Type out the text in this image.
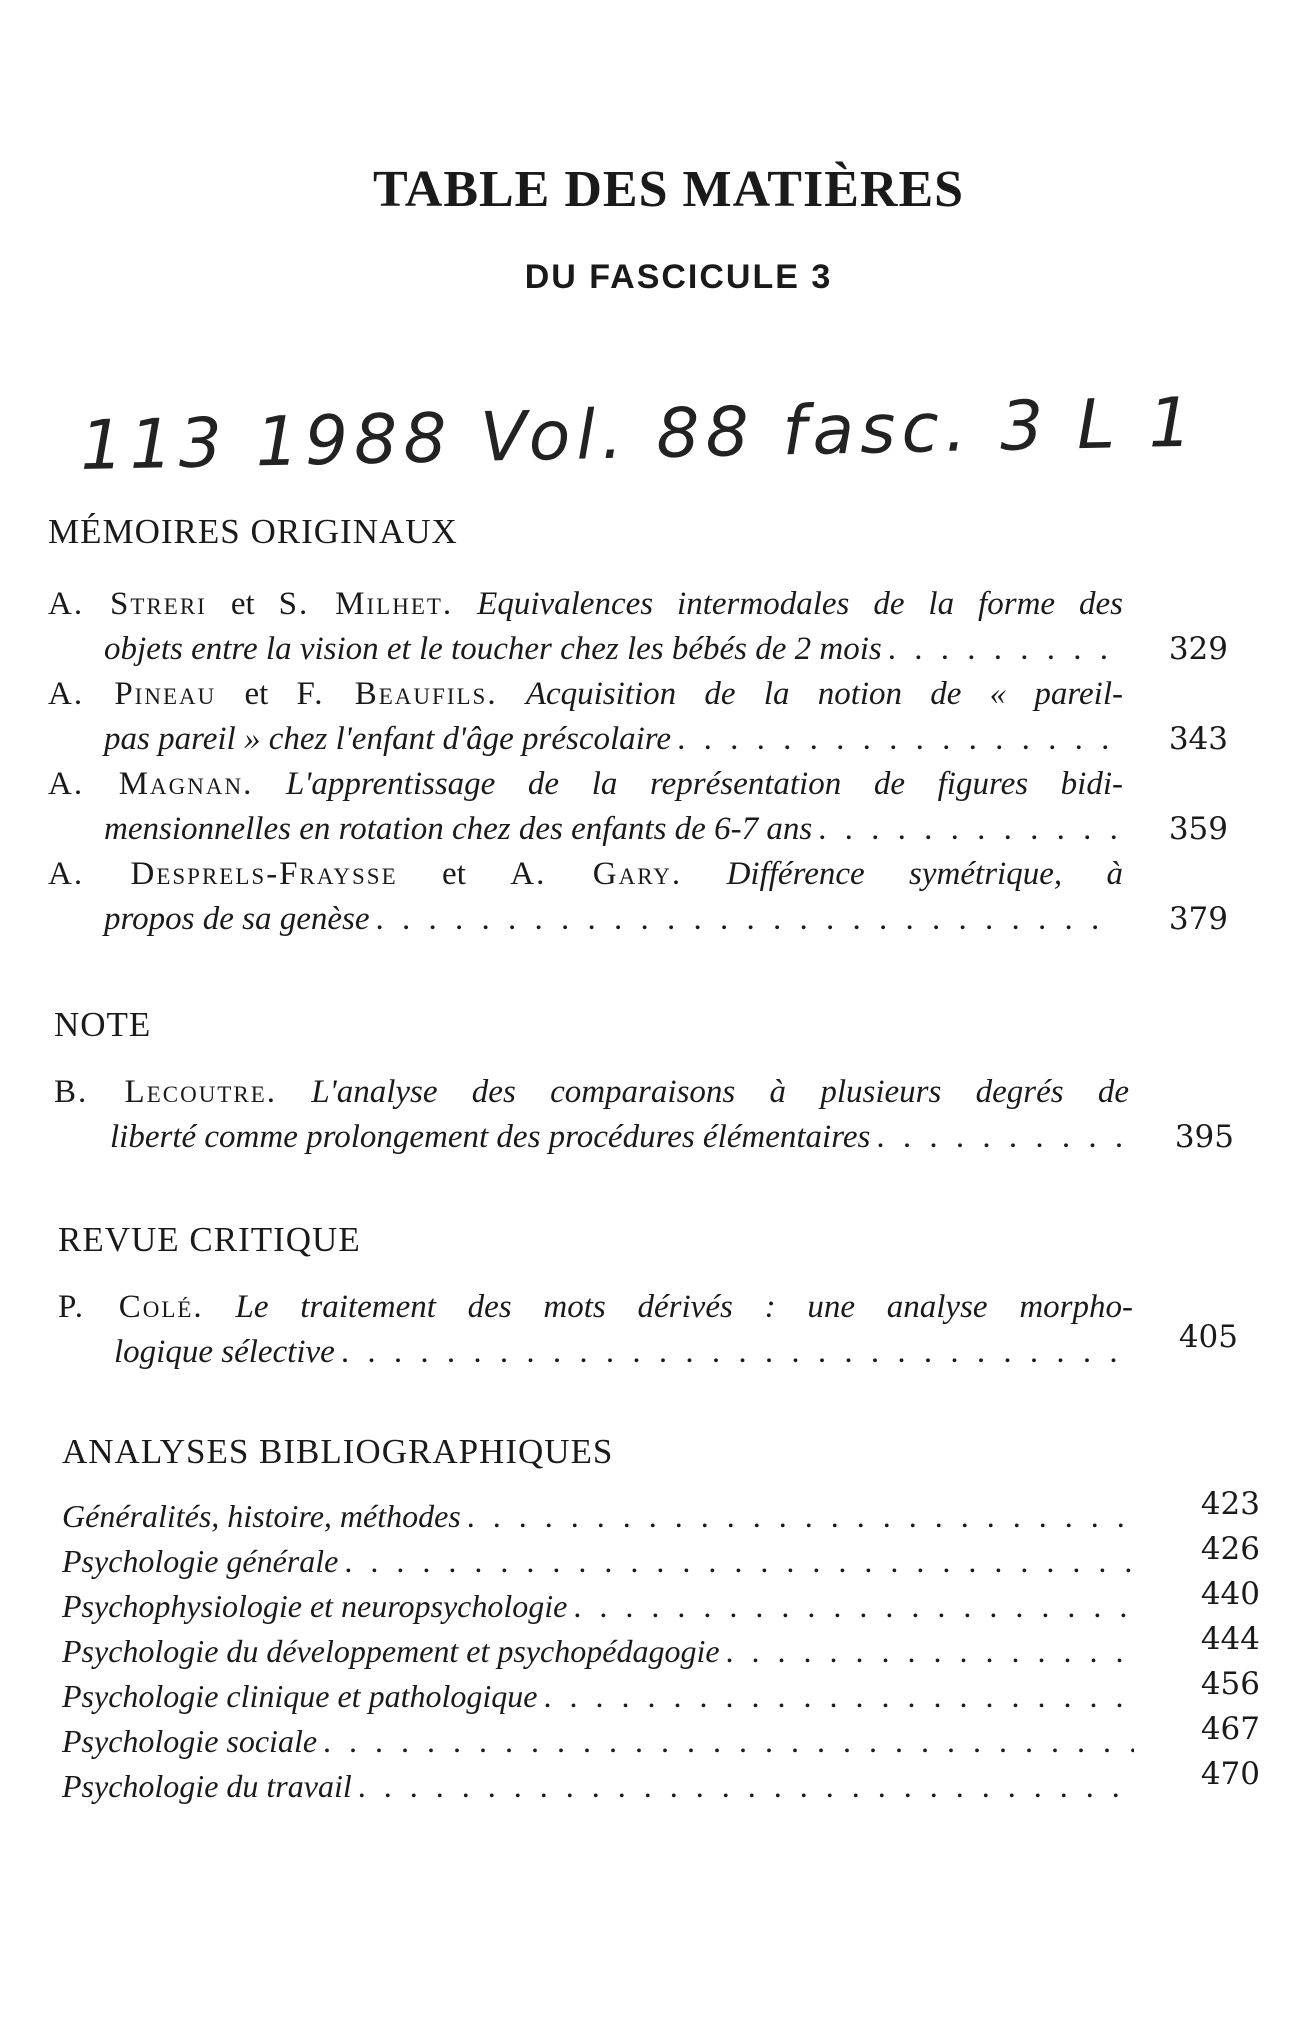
TABLE DES MATIÈRES
DU FASCICULE 3
113 1988 Vol. 88 fasc. 3 L 1
MÉMOIRES ORIGINAUX
A. Streri et S. Milhet. Equivalences intermodales de la forme des
objets entre la vision et le toucher chez les bébés de 2 mois . . .	329
A. Pineau et F. Beaufils. Acquisition de la notion de « pareil-
pas pareil » chez l'enfant d'âge préscolaire . . .	343
A. Magnan. L'apprentissage de la représentation de figures bidi-
mensionnelles en rotation chez des enfants de 6-7 ans . . .	359
A. Desprels-Fraysse et A. Gary. Différence symétrique, à
propos de sa genèse . . .	379
NOTE
B. Lecoutre. L'analyse des comparaisons à plusieurs degrés de
liberté comme prolongement des procédures élémentaires . . .	395
REVUE CRITIQUE
P. Colé. Le traitement des mots dérivés : une analyse morpho-
logique sélective . . .	405
ANALYSES BIBLIOGRAPHIQUES
Généralités, histoire, méthodes . . .	423
Psychologie générale . . .	426
Psychophysiologie et neuropsychologie . . .	440
Psychologie du développement et psychopédagogie . . .	444
Psychologie clinique et pathologique . . .	456
Psychologie sociale . . .	467
Psychologie du travail . . .	470
